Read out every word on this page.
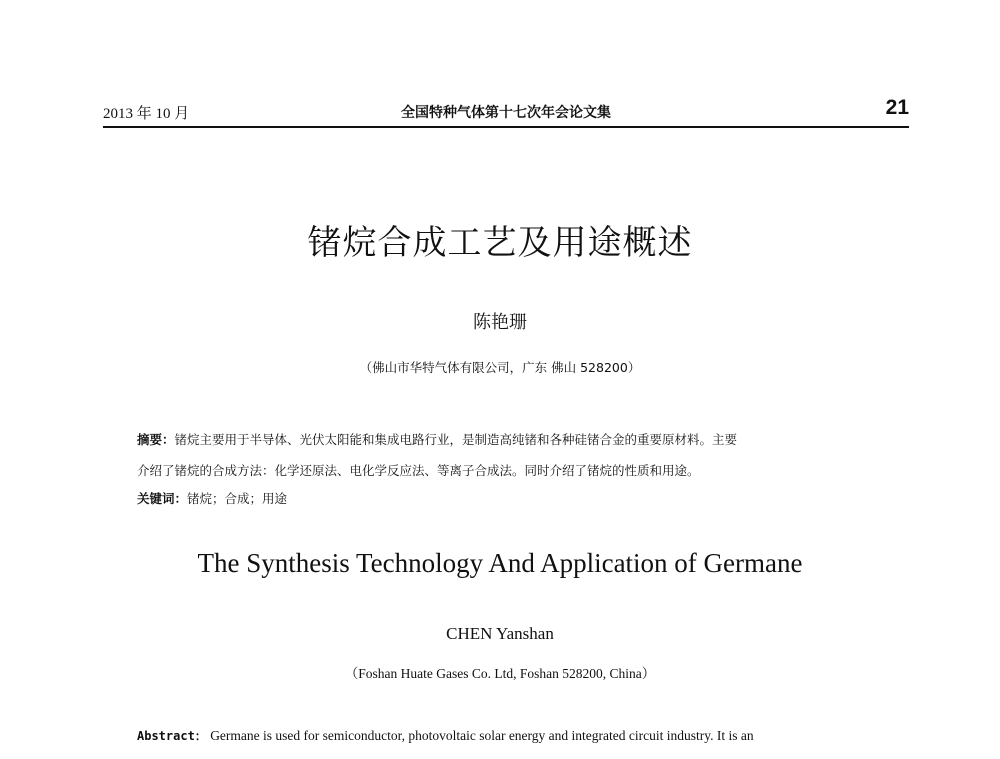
2013 年 10 月	全国特种气体第十七次年会论文集	21
锗烷合成工艺及用途概述
陈艳珊
（佛山市华特气体有限公司，广东 佛山 528200）
摘要：锗烷主要用于半导体、光伏太阳能和集成电路行业，是制造高纯锗和各种硅锗合金的重要原材料。主要
介绍了锗烷的合成方法：化学还原法、电化学反应法、等离子合成法。同时介绍了锗烷的性质和用途。
关键词：锗烷；合成；用途
The Synthesis Technology And Application of Germane
CHEN Yanshan
（Foshan Huate Gases Co. Ltd, Foshan 528200, China）
Abstract： Germane is used for semiconductor, photovoltaic solar energy and integrated circuit industry. It is an
